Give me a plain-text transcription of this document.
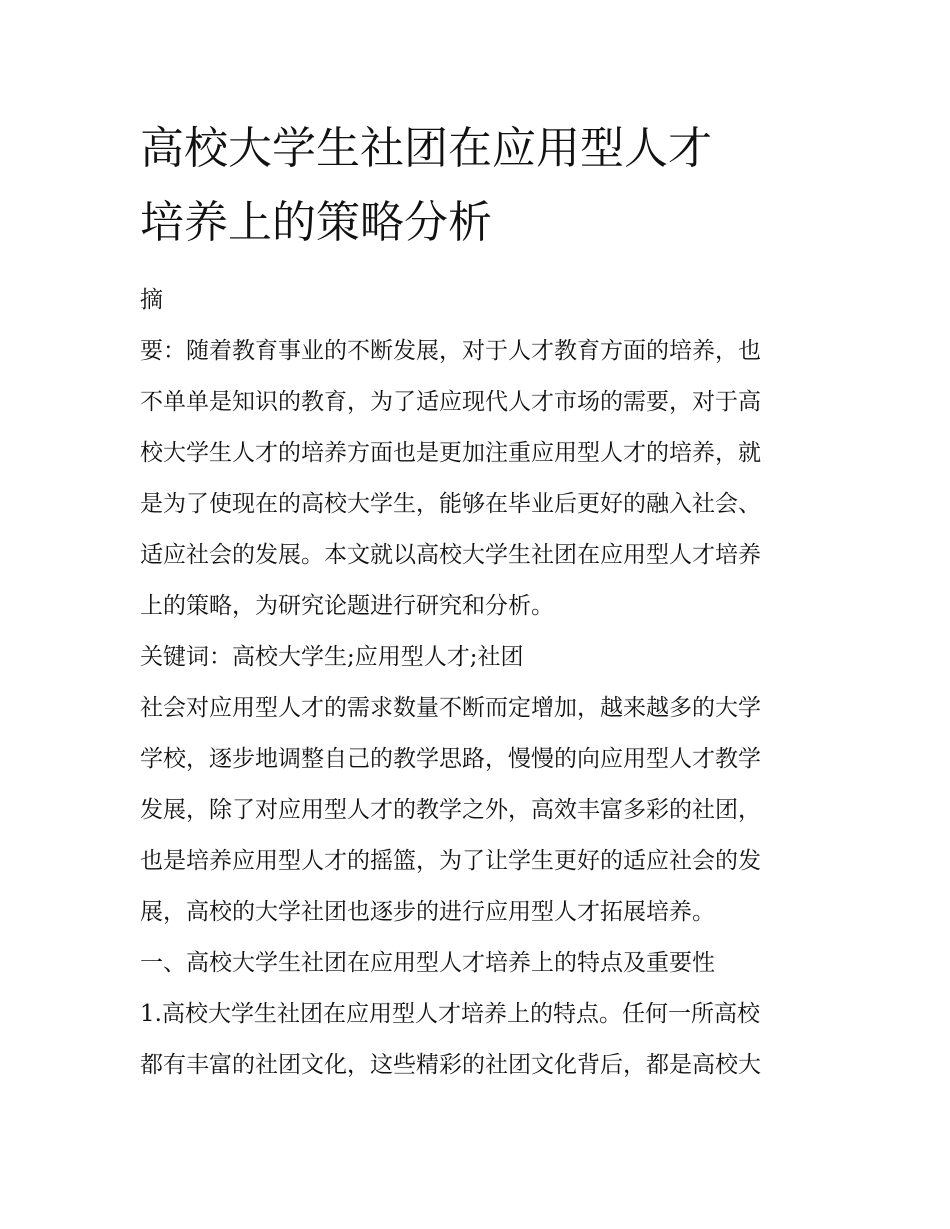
高校大学生社团在应用型人才
培养上的策略分析
摘
要：随着教育事业的不断发展，对于人才教育方面的培养，也
不单单是知识的教育，为了适应现代人才市场的需要，对于高
校大学生人才的培养方面也是更加注重应用型人才的培养，就
是为了使现在的高校大学生，能够在毕业后更好的融入社会、
适应社会的发展。本文就以高校大学生社团在应用型人才培养
上的策略，为研究论题进行研究和分析。
关键词：高校大学生;应用型人才;社团
社会对应用型人才的需求数量不断而定增加，越来越多的大学
学校，逐步地调整自己的教学思路，慢慢的向应用型人才教学
发展，除了对应用型人才的教学之外，高效丰富多彩的社团，
也是培养应用型人才的摇篮，为了让学生更好的适应社会的发
展，高校的大学社团也逐步的进行应用型人才拓展培养。
一、高校大学生社团在应用型人才培养上的特点及重要性
1.高校大学生社团在应用型人才培养上的特点。任何一所高校
都有丰富的社团文化，这些精彩的社团文化背后，都是高校大
